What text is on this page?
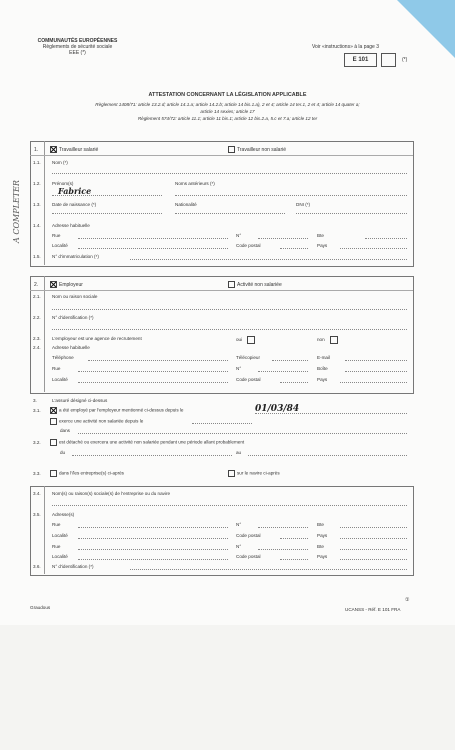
COMMUNAUTÉS EUROPÉENNES
Règlements de sécurité sociale
EEE (*)
Voir «instructions» à la page 3
E 101	(*)
ATTESTATION CONCERNANT LA LÉGISLATION APPLICABLE
Règlement 1408/71: article 13.2.d; article 14.1.a; article 14.2.b; article 14 bis.1.a), 2 et 4; article 14 ter.1, 2 et 4; article 14 quater a;
article 14 sexies; article 17
Règlement 574/72: article 11.1; article 11 bis.1; article 12 bis.2.a, 5.c et 7.a; article 12 ter
A COMPLETER
1.	Travailleur salarié	Travailleur non salarié
1.1. Nom (*)
1.2. Prénom(s)
Fabrice
Noms antérieurs (*)
1.3. Date de naissance (*)	Nationalité	DNI (*)
1.4. Adresse habituelle
Rue	N°	Bte
Localité	Code postal	Pays
1.5. N° d'immatriculation (*)
2.	Employeur	Activité non salariée
2.1. Nom ou raison sociale
2.2. N° d'identification (*)
2.3. L'employeur est une agence de recrutement	oui	non
2.4. Adresse habituelle
Téléphone	Télécopieur	E-mail
Rue	N°	Boîte
Localité	Code postal	Pays
3.	L'assuré désigné ci-dessus
3.1.	a été employé par l'employeur mentionné ci-dessus depuis le	01/03/84
exerce une activité non salariée depuis le
dans
3.2.	est détaché ou exercera une activité non salariée pendant une période allant probablement
du	au
3.3.	dans l'/les entreprise(s) ci-après	sur le navire ci-après
3.4. Nom(s) ou raison(s) sociale(s) de l'entreprise ou du navire
3.5. Adresse(s)
Rue	N°	Bte
Localité	Code postal	Pays
Rue	N°	Bte
Localité	Code postal	Pays
3.6. N° d'identification (*)
Graudous
①
UCANSS - Réf. E 101 FRA
